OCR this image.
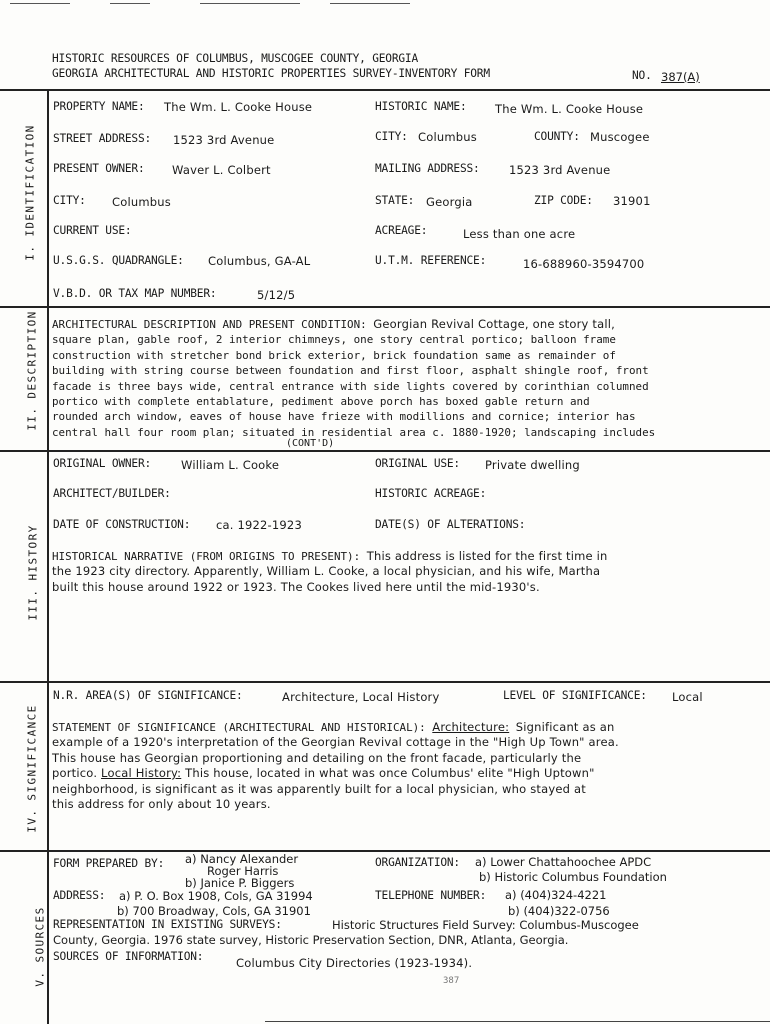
HISTORIC RESOURCES OF COLUMBUS, MUSCOGEE COUNTY, GEORGIA
GEORGIA ARCHITECTURAL AND HISTORIC PROPERTIES SURVEY-INVENTORY FORM	NO. 387(A)
I. IDENTIFICATION
II. DESCRIPTION
III. HISTORY
IV. SIGNIFICANCE
V. SOURCES
PROPERTY NAME: The Wm. L. Cooke House	HISTORIC NAME: The Wm. L. Cooke House
STREET ADDRESS: 1523 3rd Avenue	CITY: Columbus	COUNTY: Muscogee
PRESENT OWNER: Waver L. Colbert	MAILING ADDRESS:	1523 3rd Avenue
CITY: Columbus	STATE: Georgia	ZIP CODE: 31901
CURRENT USE:	ACREAGE:	Less than one acre
U.S.G.S. QUADRANGLE: Columbus, GA-AL	U.T.M. REFERENCE:	16-688960-3594700
V.B.D. OR TAX MAP NUMBER:	5/12/5
ARCHITECTURAL DESCRIPTION AND PRESENT CONDITION: Georgian Revival Cottage, one story tall,
square plan, gable roof, 2 interior chimneys, one story central portico; balloon frame
construction with stretcher bond brick exterior, brick foundation same as remainder of
building with string course between foundation and first floor, asphalt shingle roof, front
facade is three bays wide, central entrance with side lights covered by corinthian columned
portico with complete entablature, pediment above porch has boxed gable return and
rounded arch window, eaves of house have frieze with modillions and cornice; interior has
central hall four room plan; situated in residential area c. 1880-1920; landscaping includes
(CONT'D)
ORIGINAL OWNER:	William L. Cooke	ORIGINAL USE: Private dwelling
ARCHITECT/BUILDER:	HISTORIC ACREAGE:
DATE OF CONSTRUCTION: ca. 1922-1923	DATE(S) OF ALTERATIONS:
HISTORICAL NARRATIVE (FROM ORIGINS TO PRESENT): This address is listed for the first time in
the 1923 city directory. Apparently, William L. Cooke, a local physician, and his wife, Martha
built this house around 1922 or 1923. The Cookes lived here until the mid-1930's.
N.R. AREA(S) OF SIGNIFICANCE:	Architecture, Local History	LEVEL OF SIGNIFICANCE: Local
STATEMENT OF SIGNIFICANCE (ARCHITECTURAL AND HISTORICAL): Architecture: Significant as an
example of a 1920's interpretation of the Georgian Revival cottage in the "High Up Town" area.
This house has Georgian proportioning and detailing on the front facade, particularly the
portico. Local History: This house, located in what was once Columbus' elite "High Uptown"
neighborhood, is significant as it was apparently built for a local physician, who stayed at
this address for only about 10 years.
FORM PREPARED BY: a) Nancy Alexander
Roger Harris
b) Janice P. Biggers
ORGANIZATION: a) Lower Chattahoochee APDC
b) Historic Columbus Foundation
ADDRESS: a) P. O. Box 1908, Cols, GA 31994
b) 700 Broadway, Cols, GA 31901
TELEPHONE NUMBER: a) (404)324-4221
b) (404)322-0756
REPRESENTATION IN EXISTING SURVEYS:	Historic Structures Field Survey: Columbus-Muscogee
County, Georgia. 1976 state survey, Historic Preservation Section, DNR, Atlanta, Georgia.
SOURCES OF INFORMATION:	Columbus City Directories (1923-1934).
387
